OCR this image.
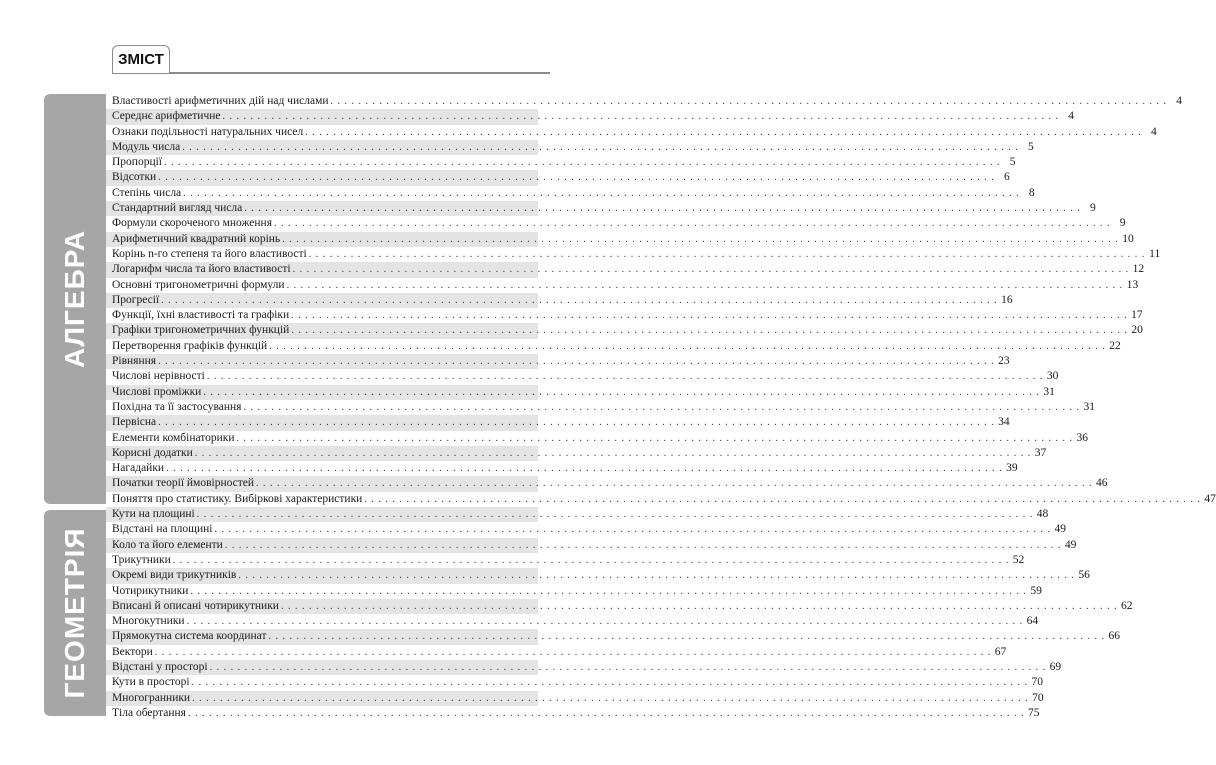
ЗМІСТ
АЛГЕБРА
ГЕОМЕТРІЯ
Властивості арифметичних дій над числами . . . . . . . . . . . . . . . . . . . . . . . . . . . . . . . . . . . . . . . . . . . . . . . . . . . . . . . . . . . . . . . . . . . . . . . . . . . . . . . . . . . . . . . . . . . . . . . . . . . . . . . . . . . . . . . . . . . . . . . . 4
Середнє арифметичне . . . . . . . . . . . . . . . . . . . . . . . . . . . . . . . . . . . . . . . . . . . . . . . . . . . . . . . . . . . . . . . . . . . . . . . . . . . . . . . . . . . . . . . . . . . . . . . . . . . . . . . . . . . . . . . . . . . . . . . . 4
Ознаки подільності натуральних чисел . . . . . . . . . . . . . . . . . . . . . . . . . . . . . . . . . . . . . . . . . . . . . . . . . . . . . . . . . . . . . . . . . . . . . . . . . . . . . . . . . . . . . . . . . . . . . . . . . . . . . . . . . . . . . . . . . . . . . . . . 4
Модуль числа . . . . . . . . . . . . . . . . . . . . . . . . . . . . . . . . . . . . . . . . . . . . . . . . . . . . . . . . . . . . . . . . . . . . . . . . . . . . . . . . . . . . . . . . . . . . . . . . . . . . . . . . . . . . . . . . . . . . . . . . 5
Пропорції . . . . . . . . . . . . . . . . . . . . . . . . . . . . . . . . . . . . . . . . . . . . . . . . . . . . . . . . . . . . . . . . . . . . . . . . . . . . . . . . . . . . . . . . . . . . . . . . . . . . . . . . . . . . . . . . . . . . . . . . 5
Відсотки . . . . . . . . . . . . . . . . . . . . . . . . . . . . . . . . . . . . . . . . . . . . . . . . . . . . . . . . . . . . . . . . . . . . . . . . . . . . . . . . . . . . . . . . . . . . . . . . . . . . . . . . . . . . . . . . . . . . . . . . 6
Степінь числа . . . . . . . . . . . . . . . . . . . . . . . . . . . . . . . . . . . . . . . . . . . . . . . . . . . . . . . . . . . . . . . . . . . . . . . . . . . . . . . . . . . . . . . . . . . . . . . . . . . . . . . . . . . . . . . . . . . . . . . . 8
Стандартний вигляд числа . . . . . . . . . . . . . . . . . . . . . . . . . . . . . . . . . . . . . . . . . . . . . . . . . . . . . . . . . . . . . . . . . . . . . . . . . . . . . . . . . . . . . . . . . . . . . . . . . . . . . . . . . . . . . . . . . . . . . . . . 9
Формули скороченого множення . . . . . . . . . . . . . . . . . . . . . . . . . . . . . . . . . . . . . . . . . . . . . . . . . . . . . . . . . . . . . . . . . . . . . . . . . . . . . . . . . . . . . . . . . . . . . . . . . . . . . . . . . . . . . . . . . . . . . . . . 9
Арифметичний квадратний корінь . . . . . . . . . . . . . . . . . . . . . . . . . . . . . . . . . . . . . . . . . . . . . . . . . . . . . . . . . . . . . . . . . . . . . . . . . . . . . . . . . . . . . . . . . . . . . . . . . . . . . . . . . . . . . . . . . . . . . . . . 10
Корінь n-го степеня та його властивості . . . . . . . . . . . . . . . . . . . . . . . . . . . . . . . . . . . . . . . . . . . . . . . . . . . . . . . . . . . . . . . . . . . . . . . . . . . . . . . . . . . . . . . . . . . . . . . . . . . . . . . . . . . . . . . . . . . . . . . . 11
Логарифм числа та його властивості . . . . . . . . . . . . . . . . . . . . . . . . . . . . . . . . . . . . . . . . . . . . . . . . . . . . . . . . . . . . . . . . . . . . . . . . . . . . . . . . . . . . . . . . . . . . . . . . . . . . . . . . . . . . . . . . . . . . . . . . 12
Основні тригонометричні формули . . . . . . . . . . . . . . . . . . . . . . . . . . . . . . . . . . . . . . . . . . . . . . . . . . . . . . . . . . . . . . . . . . . . . . . . . . . . . . . . . . . . . . . . . . . . . . . . . . . . . . . . . . . . . . . . . . . . . . . . 13
Прогресії . . . . . . . . . . . . . . . . . . . . . . . . . . . . . . . . . . . . . . . . . . . . . . . . . . . . . . . . . . . . . . . . . . . . . . . . . . . . . . . . . . . . . . . . . . . . . . . . . . . . . . . . . . . . . . . . . . . . . . . . 16
Функції, їхні властивості та графіки . . . . . . . . . . . . . . . . . . . . . . . . . . . . . . . . . . . . . . . . . . . . . . . . . . . . . . . . . . . . . . . . . . . . . . . . . . . . . . . . . . . . . . . . . . . . . . . . . . . . . . . . . . . . . . . . . . . . . . . . 17
Графіки тригонометричних функцій . . . . . . . . . . . . . . . . . . . . . . . . . . . . . . . . . . . . . . . . . . . . . . . . . . . . . . . . . . . . . . . . . . . . . . . . . . . . . . . . . . . . . . . . . . . . . . . . . . . . . . . . . . . . . . . . . . . . . . . . 20
Перетворення графіків функцій . . . . . . . . . . . . . . . . . . . . . . . . . . . . . . . . . . . . . . . . . . . . . . . . . . . . . . . . . . . . . . . . . . . . . . . . . . . . . . . . . . . . . . . . . . . . . . . . . . . . . . . . . . . . . . . . . . . . . . . . 22
Рівняння . . . . . . . . . . . . . . . . . . . . . . . . . . . . . . . . . . . . . . . . . . . . . . . . . . . . . . . . . . . . . . . . . . . . . . . . . . . . . . . . . . . . . . . . . . . . . . . . . . . . . . . . . . . . . . . . . . . . . . . . 23
Числові нерівності . . . . . . . . . . . . . . . . . . . . . . . . . . . . . . . . . . . . . . . . . . . . . . . . . . . . . . . . . . . . . . . . . . . . . . . . . . . . . . . . . . . . . . . . . . . . . . . . . . . . . . . . . . . . . . . . . . . . . . . . 30
Числові проміжки . . . . . . . . . . . . . . . . . . . . . . . . . . . . . . . . . . . . . . . . . . . . . . . . . . . . . . . . . . . . . . . . . . . . . . . . . . . . . . . . . . . . . . . . . . . . . . . . . . . . . . . . . . . . . . . . . . . . . . . . 31
Похідна та її застосування . . . . . . . . . . . . . . . . . . . . . . . . . . . . . . . . . . . . . . . . . . . . . . . . . . . . . . . . . . . . . . . . . . . . . . . . . . . . . . . . . . . . . . . . . . . . . . . . . . . . . . . . . . . . . . . . . . . . . . . . 31
Первісна . . . . . . . . . . . . . . . . . . . . . . . . . . . . . . . . . . . . . . . . . . . . . . . . . . . . . . . . . . . . . . . . . . . . . . . . . . . . . . . . . . . . . . . . . . . . . . . . . . . . . . . . . . . . . . . . . . . . . . . . 34
Елементи комбінаторики . . . . . . . . . . . . . . . . . . . . . . . . . . . . . . . . . . . . . . . . . . . . . . . . . . . . . . . . . . . . . . . . . . . . . . . . . . . . . . . . . . . . . . . . . . . . . . . . . . . . . . . . . . . . . . . . . . . . . . . . 36
Корисні додатки . . . . . . . . . . . . . . . . . . . . . . . . . . . . . . . . . . . . . . . . . . . . . . . . . . . . . . . . . . . . . . . . . . . . . . . . . . . . . . . . . . . . . . . . . . . . . . . . . . . . . . . . . . . . . . . . . . . . . . . . 37
Нагадайки . . . . . . . . . . . . . . . . . . . . . . . . . . . . . . . . . . . . . . . . . . . . . . . . . . . . . . . . . . . . . . . . . . . . . . . . . . . . . . . . . . . . . . . . . . . . . . . . . . . . . . . . . . . . . . . . . . . . . . . . 39
Початки теорії ймовірностей . . . . . . . . . . . . . . . . . . . . . . . . . . . . . . . . . . . . . . . . . . . . . . . . . . . . . . . . . . . . . . . . . . . . . . . . . . . . . . . . . . . . . . . . . . . . . . . . . . . . . . . . . . . . . . . . . . . . . . . . 46
Поняття про статистику. Вибіркові характеристики . . . . . . . . . . . . . . . . . . . . . . . . . . . . . . . . . . . . . . . . . . . . . . . . . . . . . . . . . . . . . . . . . . . . . . . . . . . . . . . . . . . . . . . . . . . . . . . . . . . . . . . . . . . . . . . . . . . . . . . . 47
Кути на площині . . . . . . . . . . . . . . . . . . . . . . . . . . . . . . . . . . . . . . . . . . . . . . . . . . . . . . . . . . . . . . . . . . . . . . . . . . . . . . . . . . . . . . . . . . . . . . . . . . . . . . . . . . . . . . . . . . . . . . . . 48
Відстані на площині . . . . . . . . . . . . . . . . . . . . . . . . . . . . . . . . . . . . . . . . . . . . . . . . . . . . . . . . . . . . . . . . . . . . . . . . . . . . . . . . . . . . . . . . . . . . . . . . . . . . . . . . . . . . . . . . . . . . . . . . 49
Коло та його елементи . . . . . . . . . . . . . . . . . . . . . . . . . . . . . . . . . . . . . . . . . . . . . . . . . . . . . . . . . . . . . . . . . . . . . . . . . . . . . . . . . . . . . . . . . . . . . . . . . . . . . . . . . . . . . . . . . . . . . . . . 49
Трикутники . . . . . . . . . . . . . . . . . . . . . . . . . . . . . . . . . . . . . . . . . . . . . . . . . . . . . . . . . . . . . . . . . . . . . . . . . . . . . . . . . . . . . . . . . . . . . . . . . . . . . . . . . . . . . . . . . . . . . . . . 52
Окремі види трикутників . . . . . . . . . . . . . . . . . . . . . . . . . . . . . . . . . . . . . . . . . . . . . . . . . . . . . . . . . . . . . . . . . . . . . . . . . . . . . . . . . . . . . . . . . . . . . . . . . . . . . . . . . . . . . . . . . . . . . . . . 56
Чотирикутники . . . . . . . . . . . . . . . . . . . . . . . . . . . . . . . . . . . . . . . . . . . . . . . . . . . . . . . . . . . . . . . . . . . . . . . . . . . . . . . . . . . . . . . . . . . . . . . . . . . . . . . . . . . . . . . . . . . . . . . . 59
Вписані й описані чотирикутники . . . . . . . . . . . . . . . . . . . . . . . . . . . . . . . . . . . . . . . . . . . . . . . . . . . . . . . . . . . . . . . . . . . . . . . . . . . . . . . . . . . . . . . . . . . . . . . . . . . . . . . . . . . . . . . . . . . . . . . . 62
Многокутники . . . . . . . . . . . . . . . . . . . . . . . . . . . . . . . . . . . . . . . . . . . . . . . . . . . . . . . . . . . . . . . . . . . . . . . . . . . . . . . . . . . . . . . . . . . . . . . . . . . . . . . . . . . . . . . . . . . . . . . . 64
Прямокутна система координат . . . . . . . . . . . . . . . . . . . . . . . . . . . . . . . . . . . . . . . . . . . . . . . . . . . . . . . . . . . . . . . . . . . . . . . . . . . . . . . . . . . . . . . . . . . . . . . . . . . . . . . . . . . . . . . . . . . . . . . . 66
Вектори . . . . . . . . . . . . . . . . . . . . . . . . . . . . . . . . . . . . . . . . . . . . . . . . . . . . . . . . . . . . . . . . . . . . . . . . . . . . . . . . . . . . . . . . . . . . . . . . . . . . . . . . . . . . . . . . . . . . . . . . 67
Відстані у просторі . . . . . . . . . . . . . . . . . . . . . . . . . . . . . . . . . . . . . . . . . . . . . . . . . . . . . . . . . . . . . . . . . . . . . . . . . . . . . . . . . . . . . . . . . . . . . . . . . . . . . . . . . . . . . . . . . . . . . . . . 69
Кути в просторі . . . . . . . . . . . . . . . . . . . . . . . . . . . . . . . . . . . . . . . . . . . . . . . . . . . . . . . . . . . . . . . . . . . . . . . . . . . . . . . . . . . . . . . . . . . . . . . . . . . . . . . . . . . . . . . . . . . . . . . . 70
Многогранники . . . . . . . . . . . . . . . . . . . . . . . . . . . . . . . . . . . . . . . . . . . . . . . . . . . . . . . . . . . . . . . . . . . . . . . . . . . . . . . . . . . . . . . . . . . . . . . . . . . . . . . . . . . . . . . . . . . . . . . . 70
Тіла обертання . . . . . . . . . . . . . . . . . . . . . . . . . . . . . . . . . . . . . . . . . . . . . . . . . . . . . . . . . . . . . . . . . . . . . . . . . . . . . . . . . . . . . . . . . . . . . . . . . . . . . . . . . . . . . . . . . . . . . . . . 75
